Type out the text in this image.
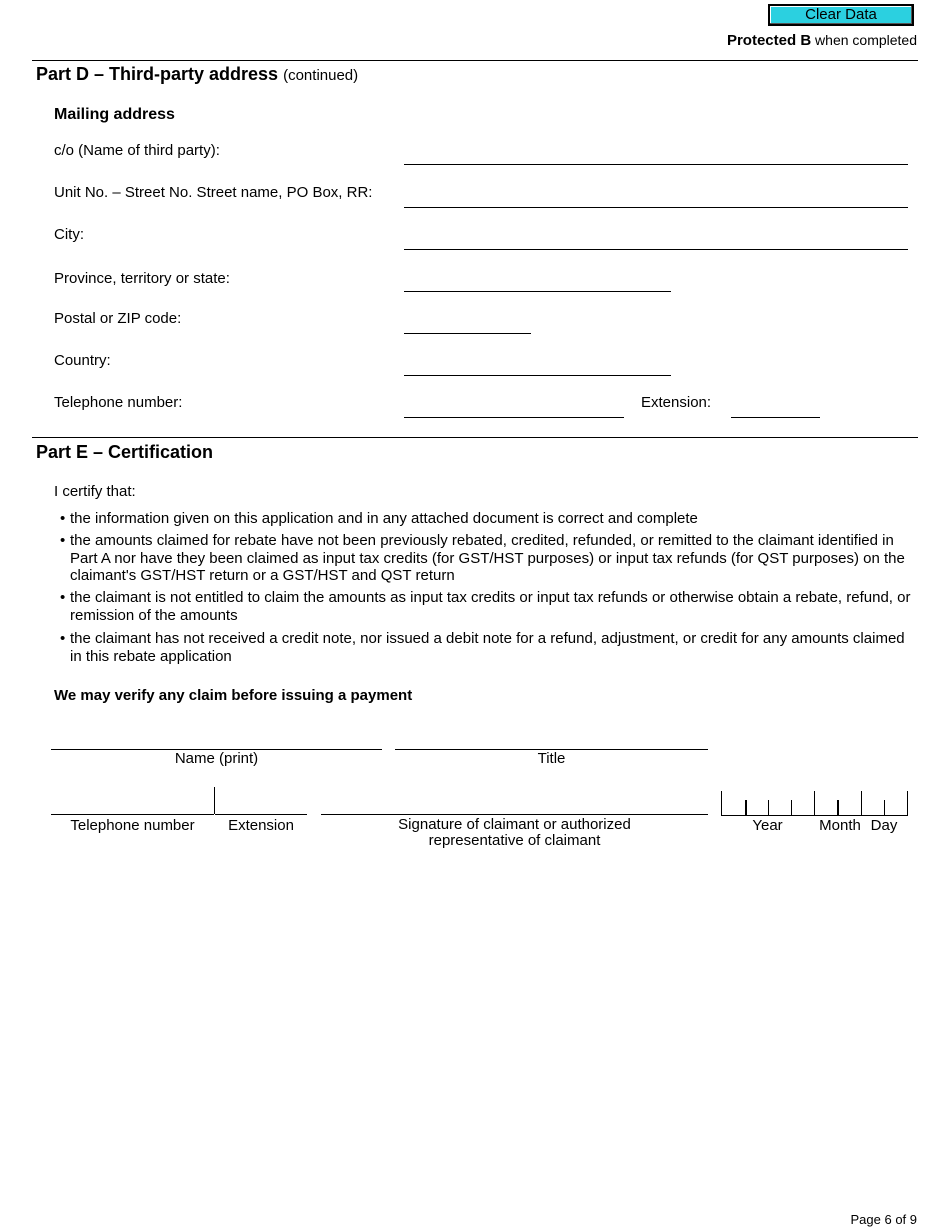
Clear Data
Protected B when completed
Part D – Third-party address (continued)
Mailing address
c/o (Name of third party):
Unit No. – Street No. Street name, PO Box, RR:
City:
Province, territory or state:
Postal or ZIP code:
Country:
Telephone number:	Extension:
Part E – Certification
I certify that:
• the information given on this application and in any attached document is correct and complete
• the amounts claimed for rebate have not been previously rebated, credited, refunded, or remitted to the claimant identified in Part A nor have they been claimed as input tax credits (for GST/HST purposes) or input tax refunds (for QST purposes) on the claimant's GST/HST return or a GST/HST and QST return
• the claimant is not entitled to claim the amounts as input tax credits or input tax refunds or otherwise obtain a rebate, refund, or remission of the amounts
• the claimant has not received a credit note, nor issued a debit note for a refund, adjustment, or credit for any amounts claimed in this rebate application
We may verify any claim before issuing a payment
Name (print)	Title
Telephone number	Extension	Signature of claimant or authorized
representative of claimant
Year	Month Day
Page 6 of 9
